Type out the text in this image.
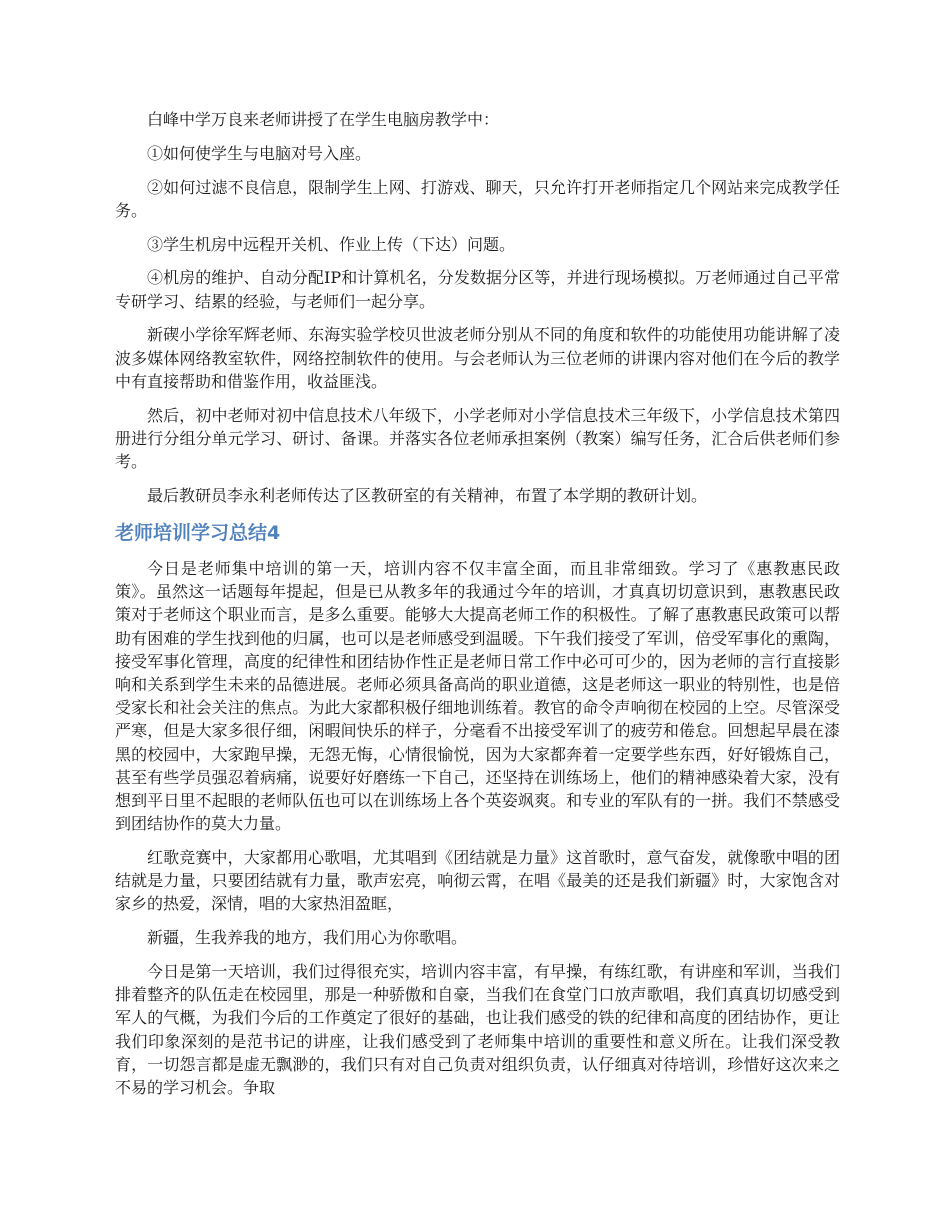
白峰中学万良来老师讲授了在学生电脑房教学中：

①如何使学生与电脑对号入座。

②如何过滤不良信息，限制学生上网、打游戏、聊天，只允许打开老师指定几个网站来完成教学任务。

③学生机房中远程开关机、作业上传（下达）问题。

④机房的维护、自动分配IP和计算机名，分发数据分区等，并进行现场模拟。万老师通过自己平常专研学习、结累的经验，与老师们一起分享。

新碶小学徐军辉老师、东海实验学校贝世波老师分别从不同的角度和软件的功能使用功能讲解了凌波多媒体网络教室软件，网络控制软件的使用。与会老师认为三位老师的讲课内容对他们在今后的教学中有直接帮助和借鉴作用，收益匪浅。

然后，初中老师对初中信息技术八年级下，小学老师对小学信息技术三年级下，小学信息技术第四册进行分组分单元学习、研讨、备课。并落实各位老师承担案例（教案）编写任务，汇合后供老师们参考。

最后教研员李永利老师传达了区教研室的有关精神，布置了本学期的教研计划。

老师培训学习总结4

今日是老师集中培训的第一天，培训内容不仅丰富全面，而且非常细致。学习了《惠教惠民政策》。虽然这一话题每年提起，但是已从教多年的我通过今年的培训，才真真切切意识到，惠教惠民政策对于老师这个职业而言，是多么重要。能够大大提高老师工作的积极性。了解了惠教惠民政策可以帮助有困难的学生找到他的归属，也可以是老师感受到温暖。下午我们接受了军训，倍受军事化的熏陶，接受军事化管理，高度的纪律性和团结协作性正是老师日常工作中必可可少的，因为老师的言行直接影响和关系到学生未来的品德进展。老师必须具备高尚的职业道德，这是老师这一职业的特别性，也是倍受家长和社会关注的焦点。为此大家都积极仔细地训练着。教官的命令声响彻在校园的上空。尽管深受严寒，但是大家多很仔细，闲暇间快乐的样子，分毫看不出接受军训了的疲劳和倦怠。回想起早晨在漆黑的校园中，大家跑早操，无怨无悔，心情很愉悦，因为大家都奔着一定要学些东西，好好锻炼自己，甚至有些学员强忍着病痛，说要好好磨练一下自己，还坚持在训练场上，他们的精神感染着大家，没有想到平日里不起眼的老师队伍也可以在训练场上各个英姿飒爽。和专业的军队有的一拼。我们不禁感受到团结协作的莫大力量。

红歌竞赛中，大家都用心歌唱，尤其唱到《团结就是力量》这首歌时，意气奋发，就像歌中唱的团结就是力量，只要团结就有力量，歌声宏亮，响彻云霄，在唱《最美的还是我们新疆》时，大家饱含对家乡的热爱，深情，唱的大家热泪盈眶，

新疆，生我养我的地方，我们用心为你歌唱。

今日是第一天培训，我们过得很充实，培训内容丰富，有早操，有练红歌，有讲座和军训，当我们排着整齐的队伍走在校园里，那是一种骄傲和自豪，当我们在食堂门口放声歌唱，我们真真切切感受到军人的气概，为我们今后的工作奠定了很好的基础，也让我们感受的铁的纪律和高度的团结协作，更让我们印象深刻的是范书记的讲座，让我们感受到了老师集中培训的重要性和意义所在。让我们深受教育，一切怨言都是虚无飘渺的，我们只有对自己负责对组织负责，认仔细真对待培训，珍惜好这次来之不易的学习机会。争取
